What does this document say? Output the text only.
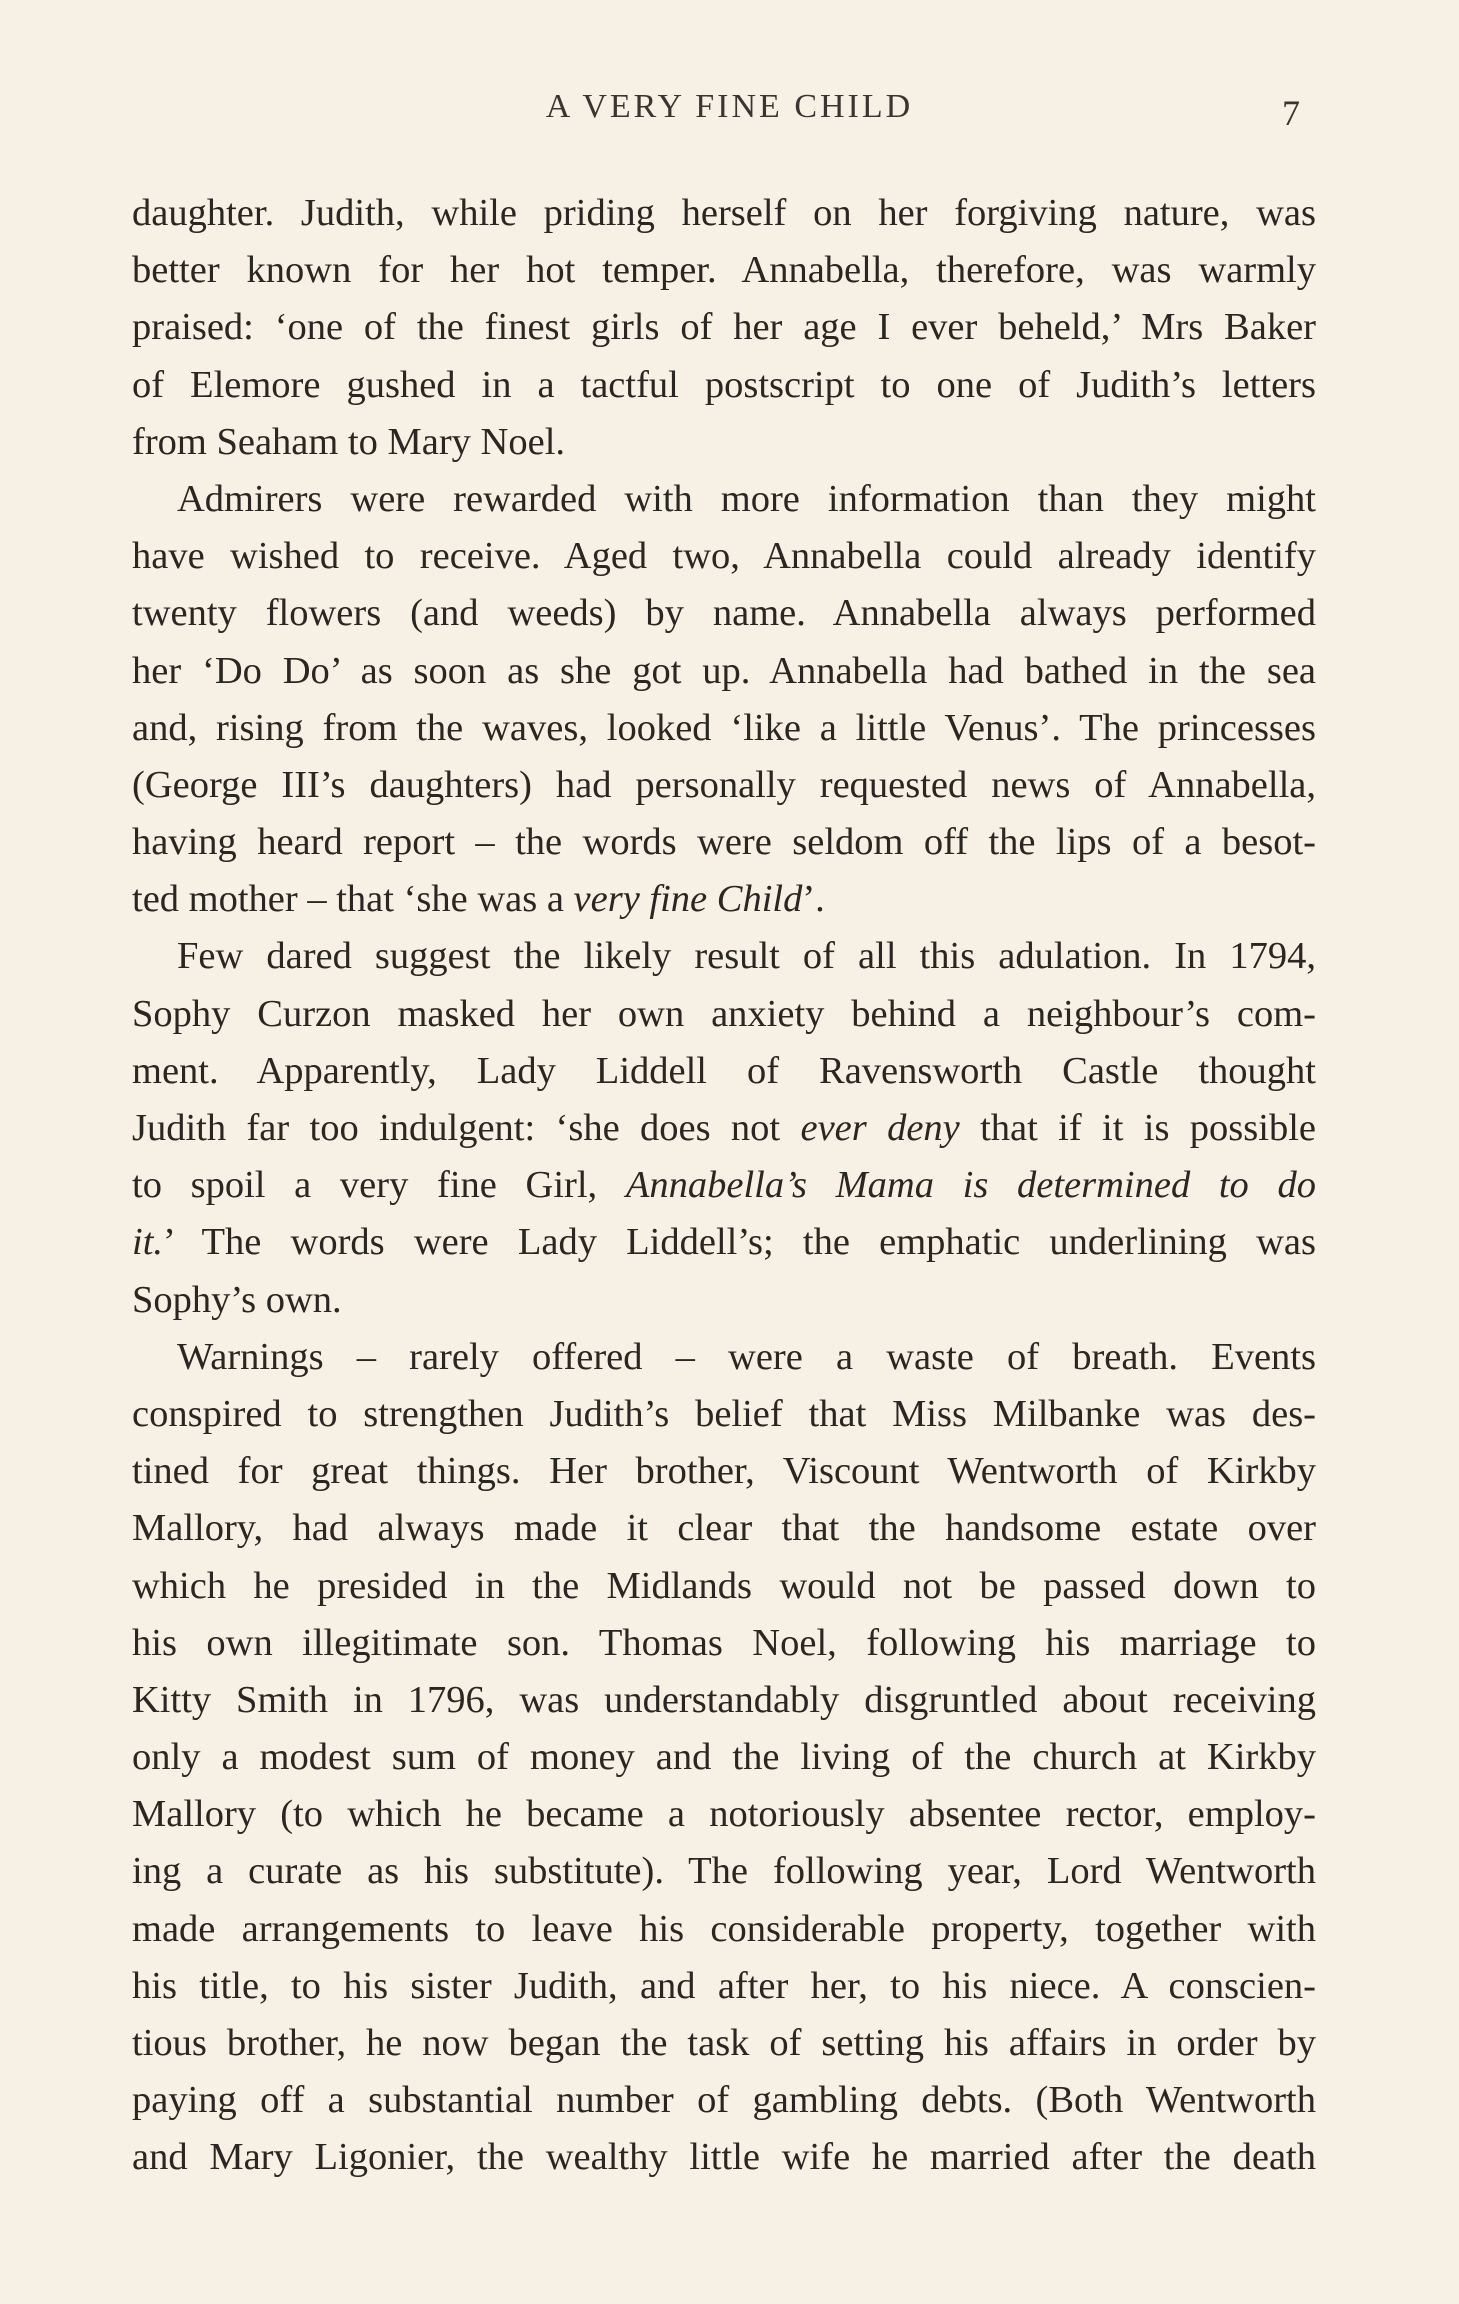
A VERY FINE CHILD	7
daughter. Judith, while priding herself on her forgiving nature, was
better known for her hot temper. Annabella, therefore, was warmly
praised: ‘one of the finest girls of her age I ever beheld,’ Mrs Baker
of Elemore gushed in a tactful postscript to one of Judith’s letters
from Seaham to Mary Noel.
Admirers were rewarded with more information than they might
have wished to receive. Aged two, Annabella could already identify
twenty flowers (and weeds) by name. Annabella always performed
her ‘Do Do’ as soon as she got up. Annabella had bathed in the sea
and, rising from the waves, looked ‘like a little Venus’. The princesses
(George III’s daughters) had personally requested news of Annabella,
having heard report – the words were seldom off the lips of a besot-
ted mother – that ‘she was a very fine Child’.
Few dared suggest the likely result of all this adulation. In 1794,
Sophy Curzon masked her own anxiety behind a neighbour’s com-
ment. Apparently, Lady Liddell of Ravensworth Castle thought
Judith far too indulgent: ‘she does not ever deny that if it is possible
to spoil a very fine Girl, Annabella’s Mama is determined to do
it.’ The words were Lady Liddell’s; the emphatic underlining was
Sophy’s own.
Warnings – rarely offered – were a waste of breath. Events
conspired to strengthen Judith’s belief that Miss Milbanke was des-
tined for great things. Her brother, Viscount Wentworth of Kirkby
Mallory, had always made it clear that the handsome estate over
which he presided in the Midlands would not be passed down to
his own illegitimate son. Thomas Noel, following his marriage to
Kitty Smith in 1796, was understandably disgruntled about receiving
only a modest sum of money and the living of the church at Kirkby
Mallory (to which he became a notoriously absentee rector, employ-
ing a curate as his substitute). The following year, Lord Wentworth
made arrangements to leave his considerable property, together with
his title, to his sister Judith, and after her, to his niece. A conscien-
tious brother, he now began the task of setting his affairs in order by
paying off a substantial number of gambling debts. (Both Wentworth
and Mary Ligonier, the wealthy little wife he married after the death
